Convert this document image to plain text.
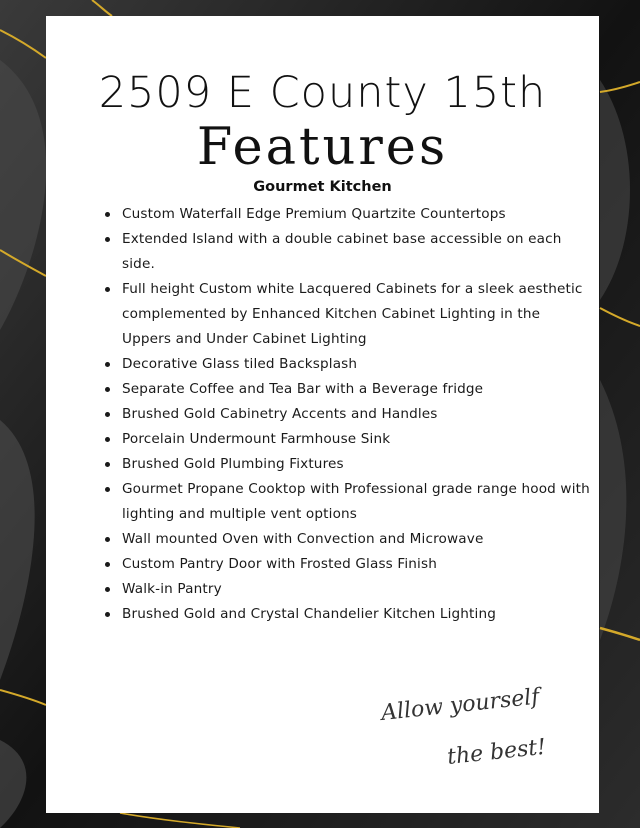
2509 E County 15th
Features
Gourmet Kitchen
Custom Waterfall Edge Premium Quartzite Countertops
Extended Island with a double cabinet base accessible on each side.
Full height Custom white Lacquered Cabinets for a sleek aesthetic complemented by Enhanced Kitchen Cabinet Lighting in the Uppers and Under Cabinet Lighting
Decorative Glass tiled Backsplash
Separate Coffee and Tea Bar with a Beverage fridge
Brushed Gold Cabinetry Accents and Handles
Porcelain Undermount Farmhouse Sink
Brushed Gold Plumbing Fixtures
Gourmet Propane Cooktop with Professional grade range hood with lighting and multiple vent options
Wall mounted Oven with Convection and Microwave
Custom Pantry Door with Frosted Glass Finish
Walk-in Pantry
Brushed Gold and Crystal Chandelier Kitchen Lighting
Allow yourself
the best!
